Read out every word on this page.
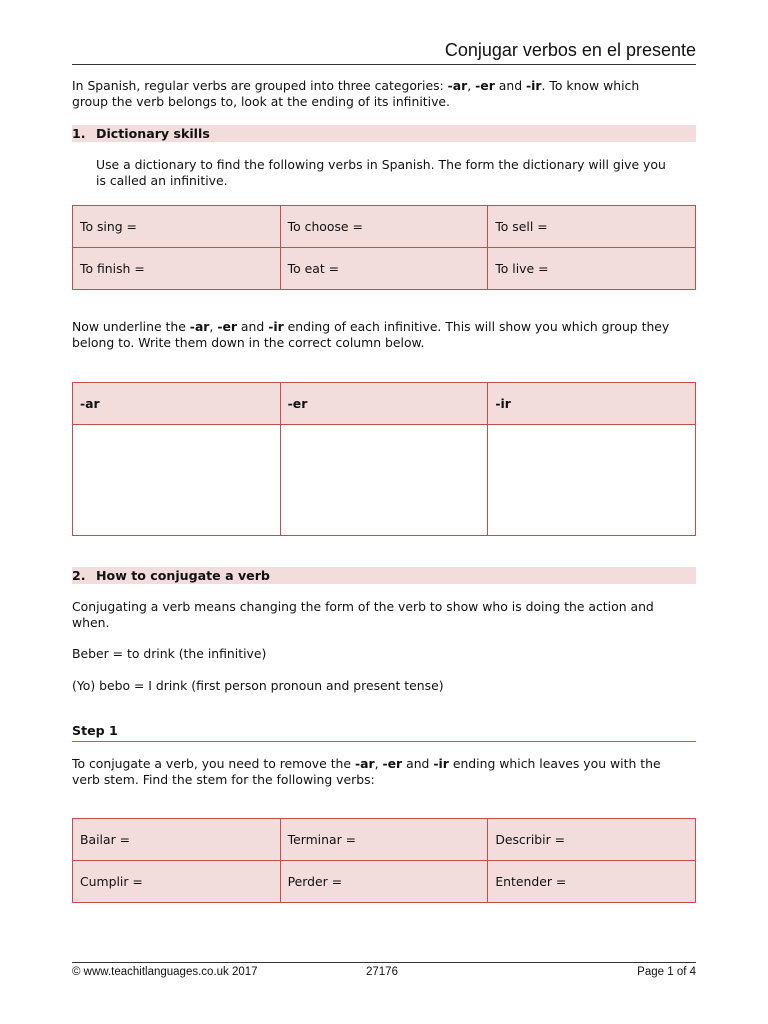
Conjugar verbos en el presente

In Spanish, regular verbs are grouped into three categories: -ar, -er and -ir. To know which
group the verb belongs to, look at the ending of its infinitive.

1. Dictionary skills

Use a dictionary to find the following verbs in Spanish. The form the dictionary will give you
is called an infinitive.

To sing =	To choose =	To sell =
To finish =	To eat =	To live =

Now underline the -ar, -er and -ir ending of each infinitive. This will show you which group they
belong to. Write them down in the correct column below.

-ar	-er	-ir

2. How to conjugate a verb

Conjugating a verb means changing the form of the verb to show who is doing the action and
when.

Beber = to drink (the infinitive)

(Yo) bebo = I drink (first person pronoun and present tense)

Step 1

To conjugate a verb, you need to remove the -ar, -er and -ir ending which leaves you with the
verb stem. Find the stem for the following verbs:

Bailar =	Terminar =	Describir =
Cumplir =	Perder =	Entender =
© www.teachitlanguages.co.uk 2017	27176	Page 1 of 4
